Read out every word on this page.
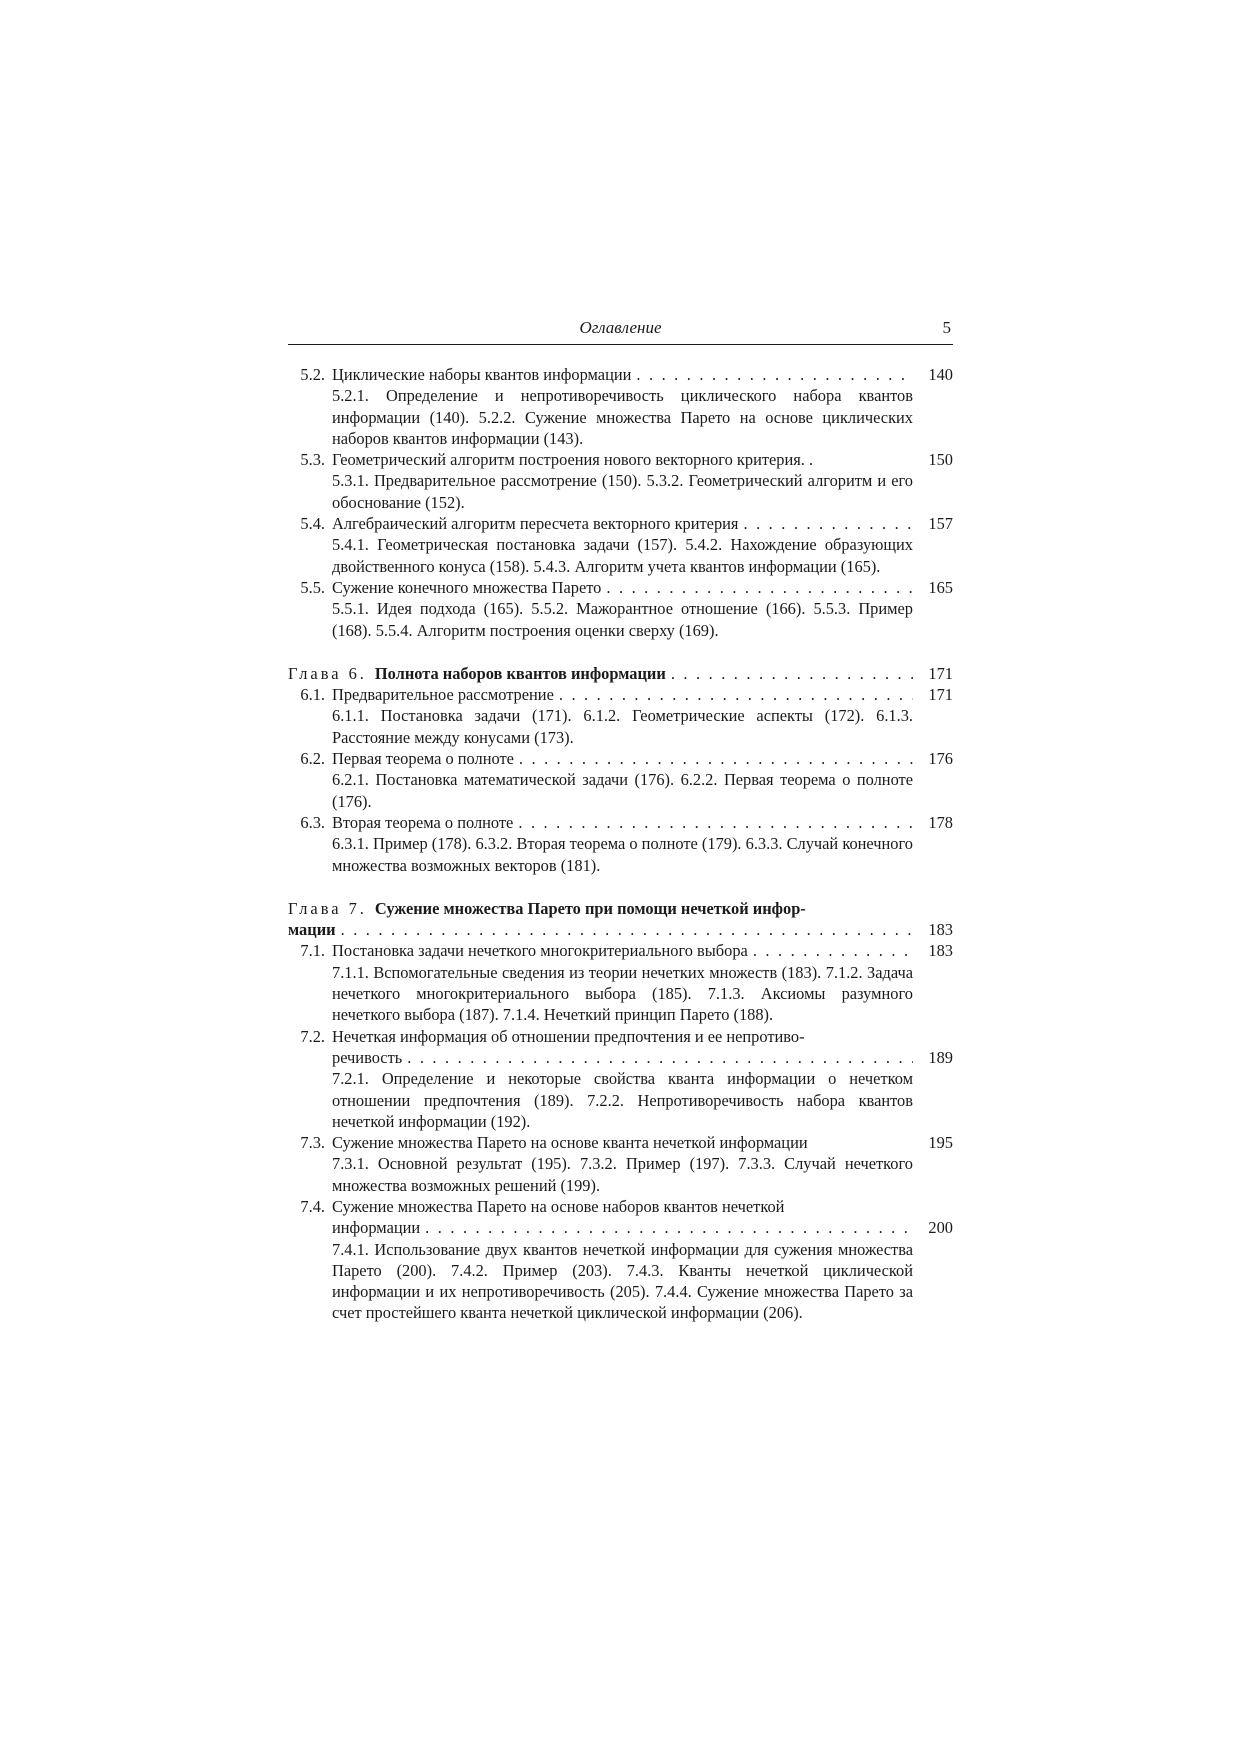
Оглавление	5
5.2. Циклические наборы квантов информации . . .	140
5.2.1. Определение и непротиворечивость циклического набора квантов информации (140). 5.2.2. Сужение множества Парето на основе циклических наборов квантов информации (143).
5.3. Геометрический алгоритм построения нового векторного критерия. .	150
5.3.1. Предварительное рассмотрение (150). 5.3.2. Геометрический алгоритм и его обоснование (152).
5.4. Алгебраический алгоритм пересчета векторного критерия . . .	157
5.4.1. Геометрическая постановка задачи (157). 5.4.2. Нахождение образующих двойственного конуса (158). 5.4.3. Алгоритм учета квантов информации (165).
5.5. Сужение конечного множества Парето . . .	165
5.5.1. Идея подхода (165). 5.5.2. Мажорантное отношение (166). 5.5.3. Пример (168). 5.5.4. Алгоритм построения оценки сверху (169).
Глава 6. Полнота наборов квантов информации . . .	171
6.1. Предварительное рассмотрение . . .	171
6.1.1. Постановка задачи (171). 6.1.2. Геометрические аспекты (172). 6.1.3. Расстояние между конусами (173).
6.2. Первая теорема о полноте . . .	176
6.2.1. Постановка математической задачи (176). 6.2.2. Первая теорема о полноте (176).
6.3. Вторая теорема о полноте . . .	178
6.3.1. Пример (178). 6.3.2. Вторая теорема о полноте (179). 6.3.3. Случай конечного множества возможных векторов (181).
Глава 7. Сужение множества Парето при помощи нечеткой инфор-
мации . . .	183
7.1. Постановка задачи нечеткого многокритериального выбора . . .	183
7.1.1. Вспомогательные сведения из теории нечетких множеств (183). 7.1.2. Задача нечеткого многокритериального выбора (185). 7.1.3. Аксиомы разумного нечеткого выбора (187). 7.1.4. Нечеткий принцип Парето (188).
7.2. Нечеткая информация об отношении предпочтения и ее непротиво-
речивость . . .	189
7.2.1. Определение и некоторые свойства кванта информации о нечетком отношении предпочтения (189). 7.2.2. Непротиворечивость набора квантов нечеткой информации (192).
7.3. Сужение множества Парето на основе кванта нечеткой информации	195
7.3.1. Основной результат (195). 7.3.2. Пример (197). 7.3.3. Случай нечеткого множества возможных решений (199).
7.4. Сужение множества Парето на основе наборов квантов нечеткой
информации . . .	200
7.4.1. Использование двух квантов нечеткой информации для сужения множества Парето (200). 7.4.2. Пример (203). 7.4.3. Кванты нечеткой циклической информации и их непротиворечивость (205). 7.4.4. Сужение множества Парето за счет простейшего кванта нечеткой циклической информации (206).
